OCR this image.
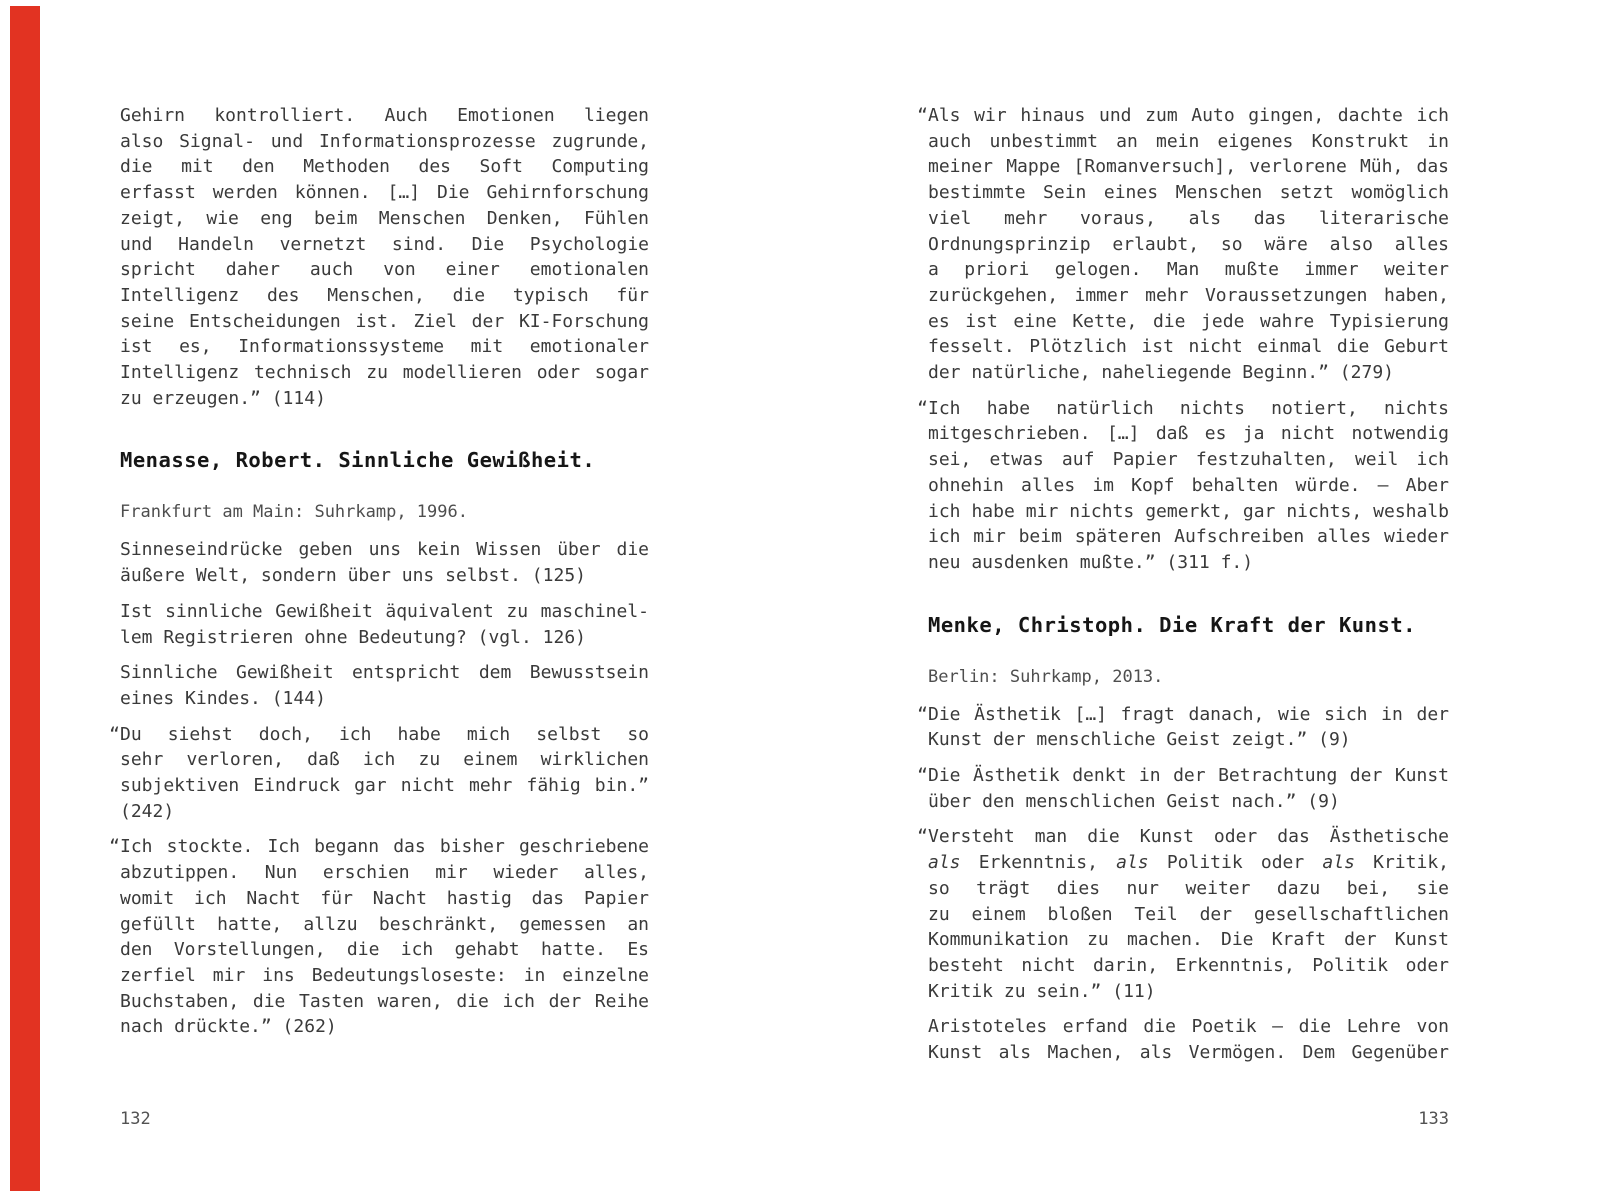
Gehirn kontrolliert. Auch Emotionen liegen
also Signal- und Informationsprozesse zugrunde,
die mit den Methoden des Soft Computing
erfasst werden können. […] Die Gehirnforschung
zeigt, wie eng beim Menschen Denken, Fühlen
und Handeln vernetzt sind. Die Psychologie
spricht daher auch von einer emotionalen
Intelligenz des Menschen, die typisch für
seine Entscheidungen ist. Ziel der KI-Forschung
ist es, Informationssysteme mit emotionaler
Intelligenz technisch zu modellieren oder sogar
zu erzeugen.” (114)
Menasse, Robert. Sinnliche Gewißheit.
Frankfurt am Main: Suhrkamp, 1996.
Sinneseindrücke geben uns kein Wissen über die
äußere Welt, sondern über uns selbst. (125)
Ist sinnliche Gewißheit äquivalent zu maschinel-
lem Registrieren ohne Bedeutung? (vgl. 126)
Sinnliche Gewißheit entspricht dem Bewusstsein
eines Kindes. (144)
“Du siehst doch, ich habe mich selbst so
sehr verloren, daß ich zu einem wirklichen
subjektiven Eindruck gar nicht mehr fähig bin.”
(242)
“Ich stockte. Ich begann das bisher geschriebene
abzutippen. Nun erschien mir wieder alles,
womit ich Nacht für Nacht hastig das Papier
gefüllt hatte, allzu beschränkt, gemessen an
den Vorstellungen, die ich gehabt hatte. Es
zerfiel mir ins Bedeutungsloseste: in einzelne
Buchstaben, die Tasten waren, die ich der Reihe
nach drückte.” (262)
“Als wir hinaus und zum Auto gingen, dachte ich
auch unbestimmt an mein eigenes Konstrukt in
meiner Mappe [Romanversuch], verlorene Müh, das
bestimmte Sein eines Menschen setzt womöglich
viel mehr voraus, als das literarische
Ordnungsprinzip erlaubt, so wäre also alles
a priori gelogen. Man mußte immer weiter
zurückgehen, immer mehr Voraussetzungen haben,
es ist eine Kette, die jede wahre Typisierung
fesselt. Plötzlich ist nicht einmal die Geburt
der natürliche, naheliegende Beginn.” (279)
“Ich habe natürlich nichts notiert, nichts
mitgeschrieben. […] daß es ja nicht notwendig
sei, etwas auf Papier festzuhalten, weil ich
ohnehin alles im Kopf behalten würde. – Aber
ich habe mir nichts gemerkt, gar nichts, weshalb
ich mir beim späteren Aufschreiben alles wieder
neu ausdenken mußte.” (311 f.)
Menke, Christoph. Die Kraft der Kunst.
Berlin: Suhrkamp, 2013.
“Die Ästhetik […] fragt danach, wie sich in der
Kunst der menschliche Geist zeigt.” (9)
“Die Ästhetik denkt in der Betrachtung der Kunst
über den menschlichen Geist nach.” (9)
“Versteht man die Kunst oder das Ästhetische
als Erkenntnis, als Politik oder als Kritik,
so trägt dies nur weiter dazu bei, sie
zu einem bloßen Teil der gesellschaftlichen
Kommunikation zu machen. Die Kraft der Kunst
besteht nicht darin, Erkenntnis, Politik oder
Kritik zu sein.” (11)
Aristoteles erfand die Poetik – die Lehre von
Kunst als Machen, als Vermögen. Dem Gegenüber
132	133
